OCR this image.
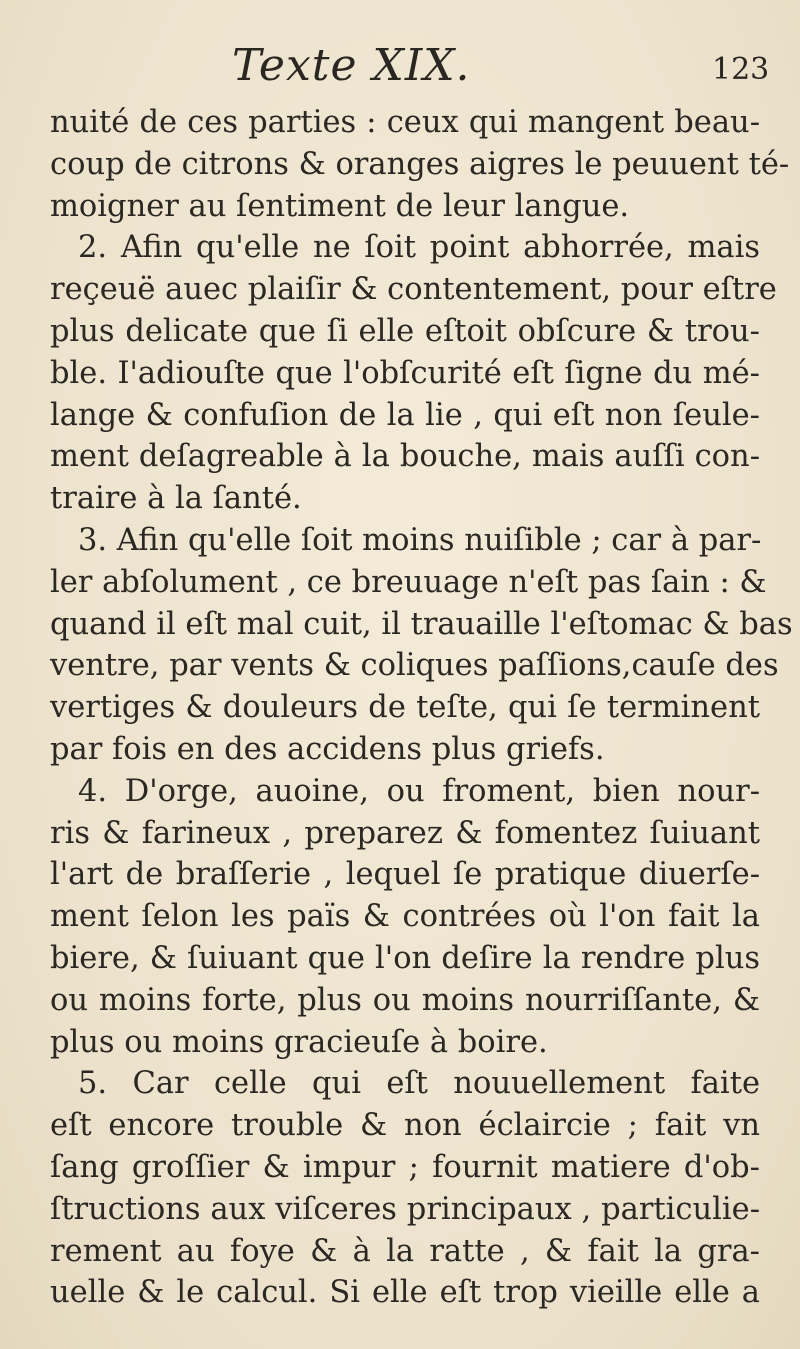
Texte XIX.	123
nuité de ces parties : ceux qui mangent beau-
coup de citrons & oranges aigres le peuuent té-
moigner au ſentiment de leur langue.
2. Afin qu'elle ne ſoit point abhorrée, mais
reçeuë auec plaiſir & contentement, pour eſtre
plus delicate que ſi elle eſtoit obſcure & trou-
ble. I'adiouſte que l'obſcurité eſt ſigne du mé-
lange & confuſion de la lie , qui eſt non ſeule-
ment deſagreable à la bouche, mais auſſi con-
traire à la ſanté.
3. Afin qu'elle ſoit moins nuiſible ; car à par-
ler abſolument , ce breuuage n'eſt pas ſain : &
quand il eſt mal cuit, il trauaille l'eſtomac & bas
ventre, par vents & coliques paſſions,cauſe des
vertiges & douleurs de teſte, qui ſe terminent
par fois en des accidens plus griefs.
4. D'orge, auoine, ou froment, bien nour-
ris & farineux , preparez & fomentez ſuiuant
l'art de braſſerie , lequel ſe pratique diuerſe-
ment ſelon les païs & contrées où l'on fait la
biere, & ſuiuant que l'on deſire la rendre plus
ou moins forte, plus ou moins nourriſſante, &
plus ou moins gracieuſe à boire.
5. Car celle qui eſt nouuellement faite
eſt encore trouble & non éclaircie ; fait vn
ſang groſſier & impur ; fournit matiere d'ob-
ſtructions aux viſceres principaux , particulie-
rement au foye & à la ratte , & fait la gra-
uelle & le calcul. Si elle eſt trop vieille elle a
